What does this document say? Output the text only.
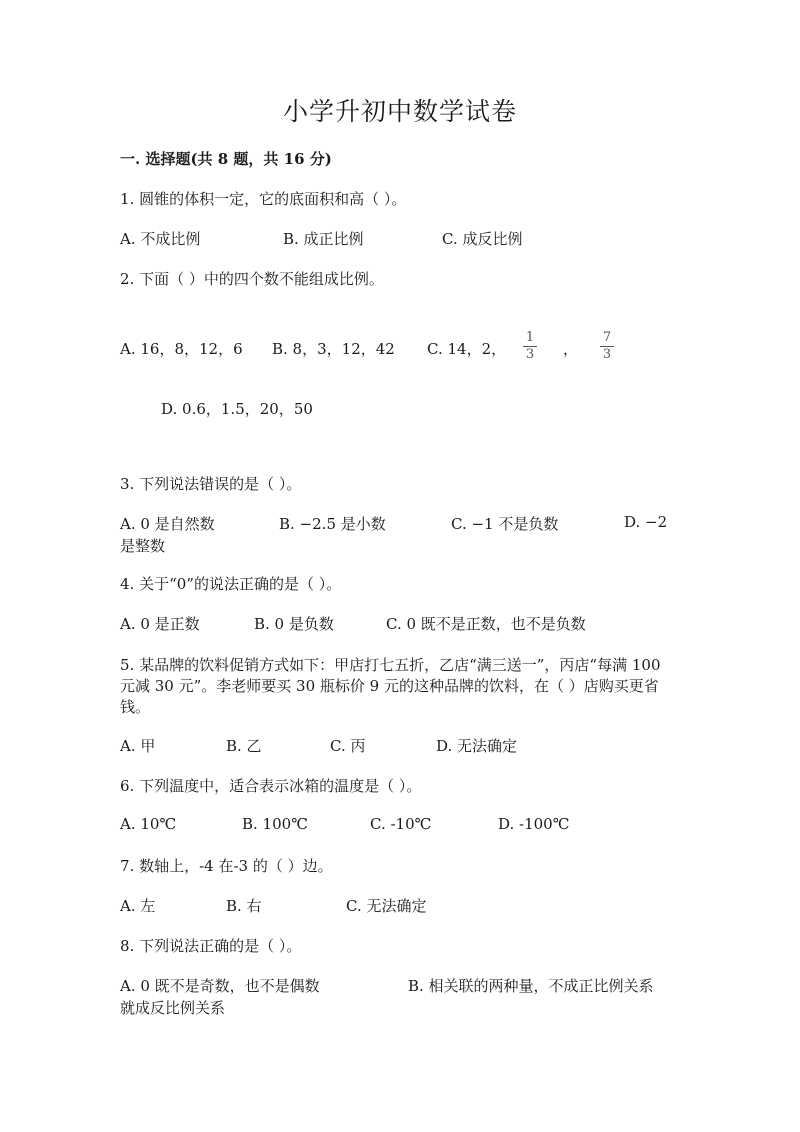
小学升初中数学试卷
一. 选择题(共 8 题，共 16 分)
1. 圆锥的体积一定，它的底面积和高（ ）。
A. 不成比例	B. 成正比例	C. 成反比例
2. 下面（ ）中的四个数不能组成比例。
A. 16，8，12，6 B. 8，3，12，42 C. 14，2，
1
3 ，
7
3
D. 0.6，1.5，20，50
3. 下列说法错误的是（ ）。
A. 0 是自然数	B. −2.5 是小数	C. −1 不是负数	D. −2
是整数
4. 关于“0”的说法正确的是（ ）。
A. 0 是正数	B. 0 是负数	C. 0 既不是正数，也不是负数
5. 某品牌的饮料促销方式如下：甲店打七五折，乙店“满三送一”，丙店“每满 100 元减 30 元”。李老师要买 30 瓶标价 9 元的这种品牌的饮料，在（ ）店购买更省钱。
A. 甲	B. 乙	C. 丙	D. 无法确定
6. 下列温度中，适合表示冰箱的温度是（ ）。
A. 10℃	B. 100℃	C. -10℃	D. -100℃
7. 数轴上，-4 在-3 的（ ）边。
A. 左	B. 右	C. 无法确定
8. 下列说法正确的是（ ）。
A. 0 既不是奇数，也不是偶数	B. 相关联的两种量，不成正比例关系
就成反比例关系
